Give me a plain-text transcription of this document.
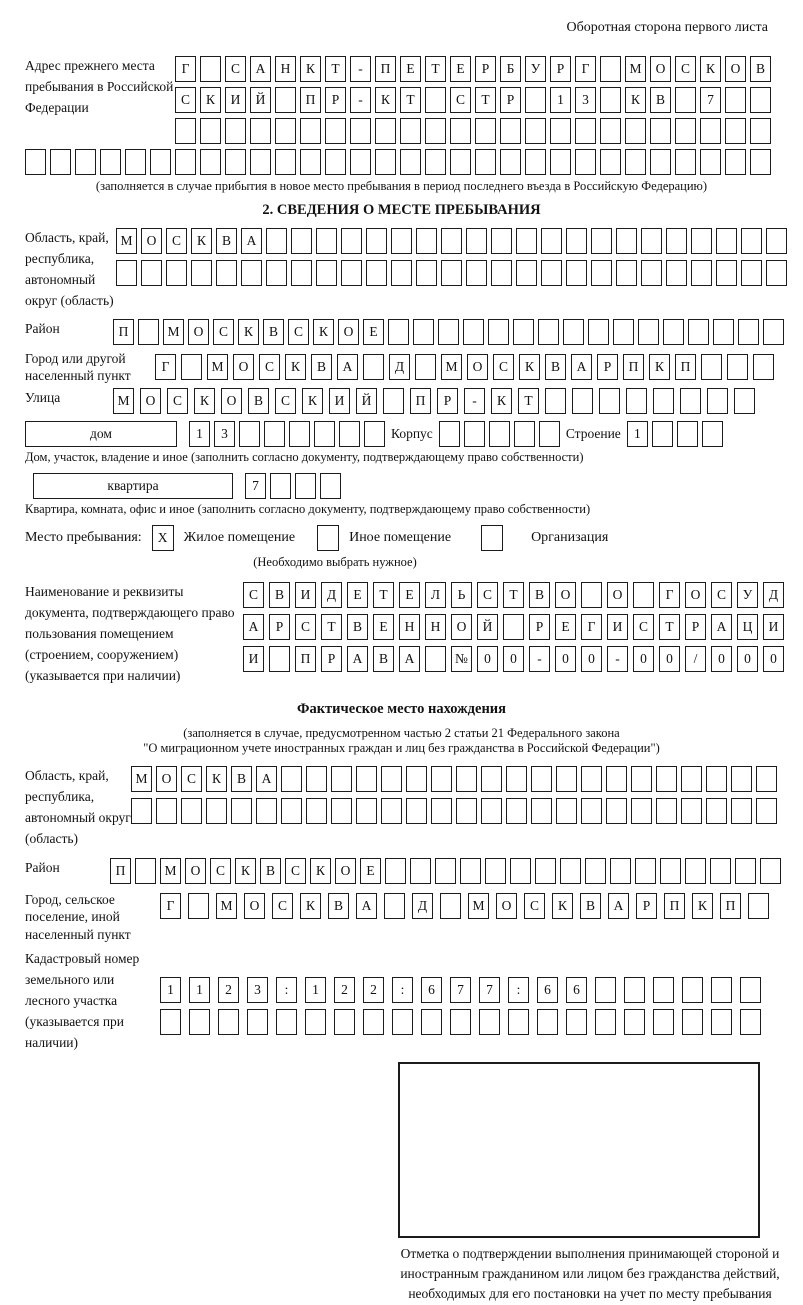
Оборотная сторона первого листа
Адрес прежнего места пребывания в Российской Федерации
Г	С	А	Н	К	Т	-	П	Е	Т	Е	Р	Б	У	Р	Г	М	О	С	К	О	В
С	К	И	Й	П	Р	-	К	Т	С	Т	Р	1	3	К	В	7
(заполняется в случае прибытия в новое место пребывания в период последнего въезда в Российскую Федерацию)
2. СВЕДЕНИЯ О МЕСТЕ ПРЕБЫВАНИЯ
Область, край, республика, автономный округ (область)
М	О	С	К	В	А
Район	П	М	О	С	К	В	С	К	О	Е
Город или другой населенный пункт
Г	М	О	С	К	В	А	Д	М	О	С	К	В	А	Р	П	К	П
Улица	М	О	С	К	О	В	С	К	И	Й	П	Р	-	К	Т
дом	1	3	Корпус	Строение 1
Дом, участок, владение и иное (заполнить согласно документу, подтверждающему право собственности)
квартира	7
Квартира, комната, офис и иное (заполнить согласно документу, подтверждающему право собственности)
Место пребывания:	X	Жилое помещение	Иное помещение	Организация
(Необходимо выбрать нужное)
Наименование и реквизиты документа, подтверждающего право пользования помещением (строением, сооружением) (указывается при наличии)
С	В	И	Д	Е	Т	Е	Л	Ь	С	Т	В	О	О	Г	О	С	У	Д
А	Р	С	Т	В	Е	Н	Н	О	Й	Р	Е	Г	И	С	Т	Р	А	Ц	И
И	П	Р	А	В	А	№	0	0	-	0	0	-	0	0	/	0	0	0
Фактическое место нахождения
(заполняется в случае, предусмотренном частью 2 статьи 21 Федерального закона
"О миграционном учете иностранных граждан и лиц без гражданства в Российской Федерации")
Область, край, республика, автономный округ (область)
М	О	С	К	В	А
Район	П	М	О	С	К	В	С	К	О	Е
Город, сельское поселение, иной населенный пункт
Г	М	О	С	К	В	А	Д	М	О	С	К	В	А	Р	П	К	П
Кадастровый номер земельного или лесного участка (указывается при наличии)
1	1	2	3	:	1	2	2	:	6	7	7	:	6	6
Отметка о подтверждении выполнения принимающей стороной и иностранным гражданином или лицом без гражданства действий, необходимых для его постановки на учет по месту пребывания
